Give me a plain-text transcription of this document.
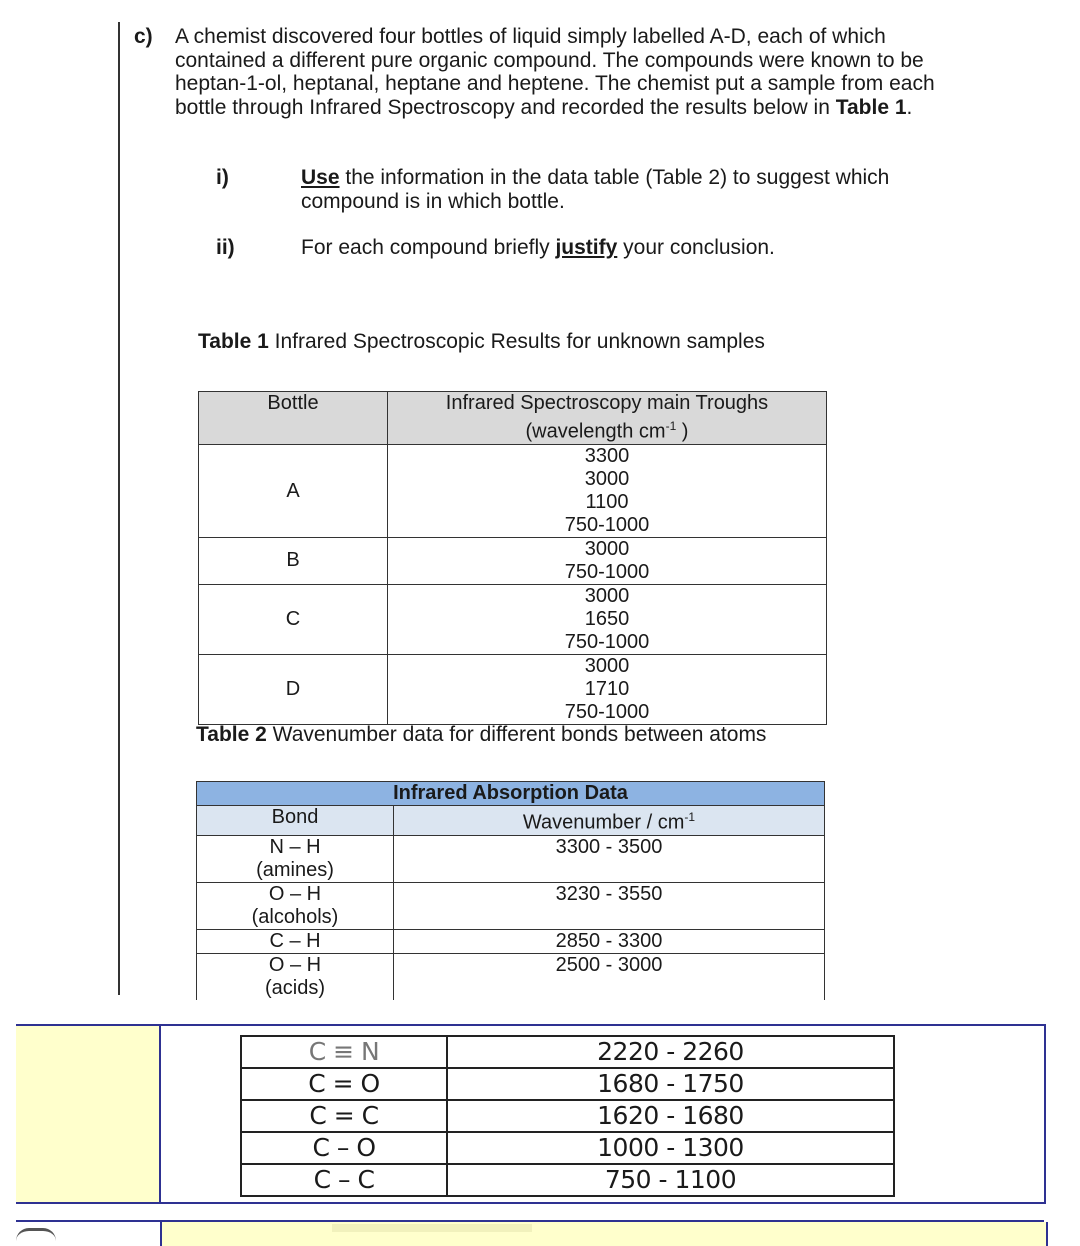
c) A chemist discovered four bottles of liquid simply labelled A-D, each of which contained a different pure organic compound. The compounds were known to be heptan-1-ol, heptanal, heptane and heptene. The chemist put a sample from each bottle through Infrared Spectroscopy and recorded the results below in Table 1.
i)	Use the information in the data table (Table 2) to suggest which compound is in which bottle.
ii)	For each compound briefly justify your conclusion.
Table 1 Infrared Spectroscopic Results for unknown samples
Bottle	Infrared Spectroscopy main Troughs
(wavelength $cm^{-1}$ )
A	3300
3000
1100
750-1000

B	3000
750-1000

C	3000
1650
750-1000

D	3000
1710
750-1000
Table 2 Wavenumber data for different bonds between atoms
Infrared Absorption Data	
Bond	Wavenumber / $cm^{-1}$

N – H
(amines)	3300 - 3500

O – H
(alcohols)	3230 - 3550
C – H	2850 - 3300

O – H
(acids)	2500 - 3000
C ≡ N	2220 - 2260
C = O	1680 - 1750
C = C	1620 - 1680
C – O	1000 - 1300
C – C	750 - 1100
